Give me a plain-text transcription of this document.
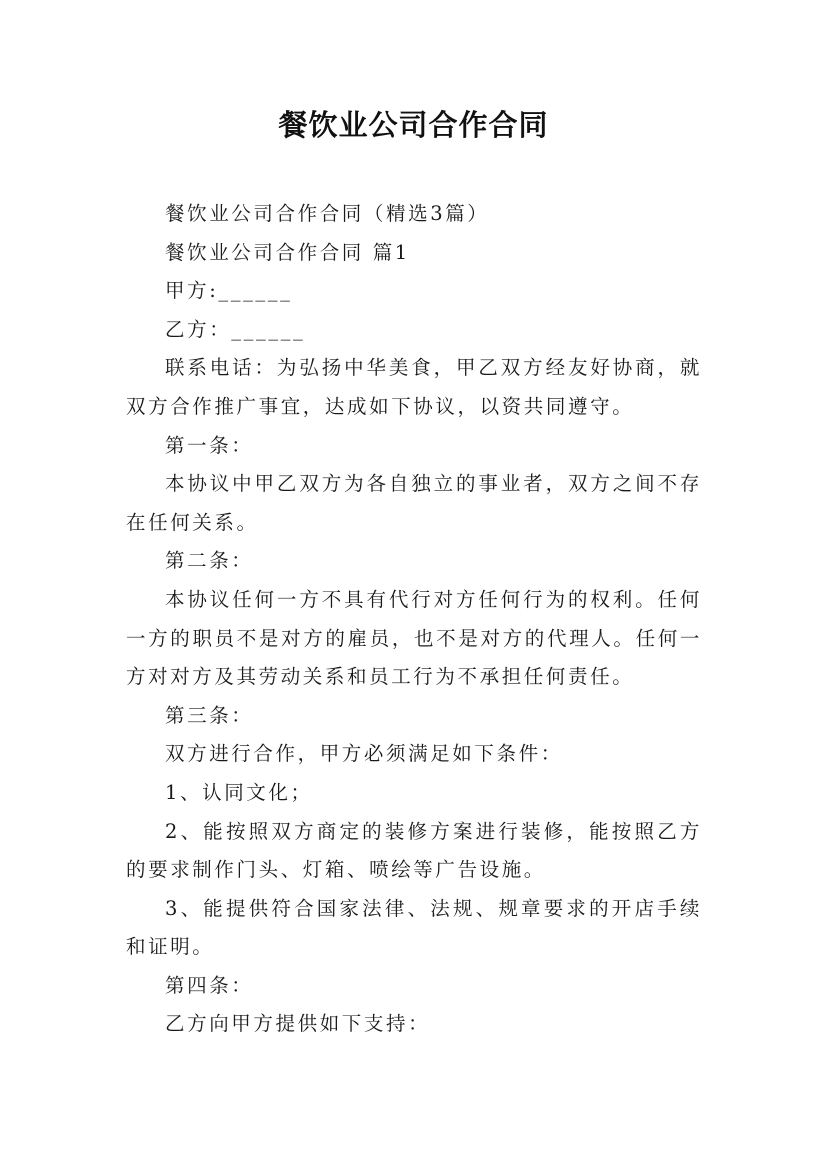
餐饮业公司合作合同

餐饮业公司合作合同（精选3篇）

餐饮业公司合作合同 篇1

甲方:______

乙方：______

联系电话：为弘扬中华美食，甲乙双方经友好协商，就双方合作推广事宜，达成如下协议，以资共同遵守。

第一条：

本协议中甲乙双方为各自独立的事业者，双方之间不存在任何关系。

第二条：

本协议任何一方不具有代行对方任何行为的权利。任何一方的职员不是对方的雇员，也不是对方的代理人。任何一方对对方及其劳动关系和员工行为不承担任何责任。

第三条：

双方进行合作，甲方必须满足如下条件：

1、认同文化；

2、能按照双方商定的装修方案进行装修，能按照乙方的要求制作门头、灯箱、喷绘等广告设施。

3、能提供符合国家法律、法规、规章要求的开店手续和证明。

第四条：

乙方向甲方提供如下支持：
